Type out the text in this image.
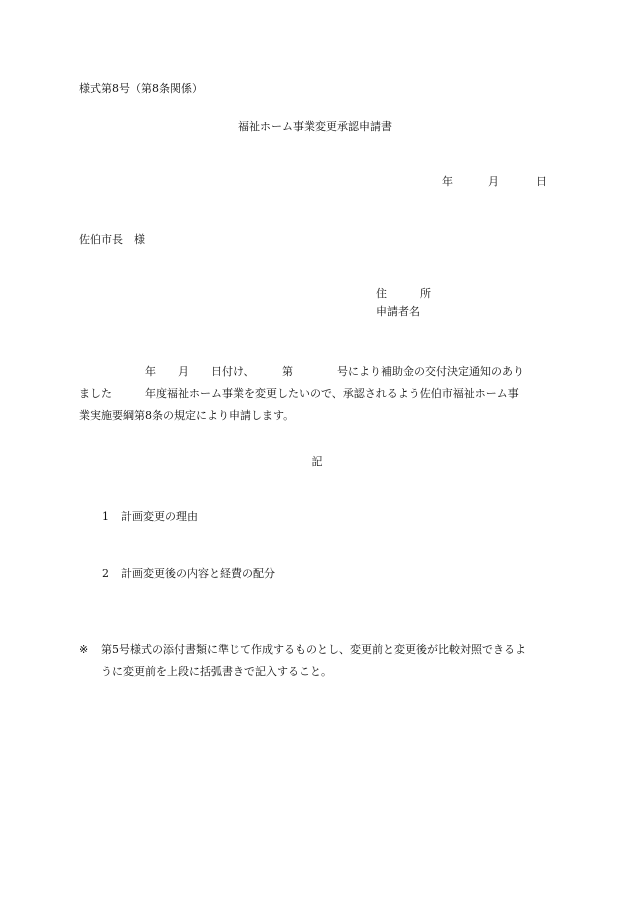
様式第8号（第8条関係）
福祉ホーム事業変更承認申請書
年	月	日
佐伯市長　様
住　　　所
申請者名
　　　　　　年　　月　　日付け、　　　第　　　　号により補助金の交付決定通知のあり
ました　　　年度福祉ホーム事業を変更したいので、承認されるよう佐伯市福祉ホーム事
業実施要綱第8条の規定により申請します。
記
1 計画変更の理由
2 計画変更後の内容と経費の配分
※ 第5号様式の添付書類に準じて作成するものとし、変更前と変更後が比較対照できるよ
うに変更前を上段に括弧書きで記入すること。
